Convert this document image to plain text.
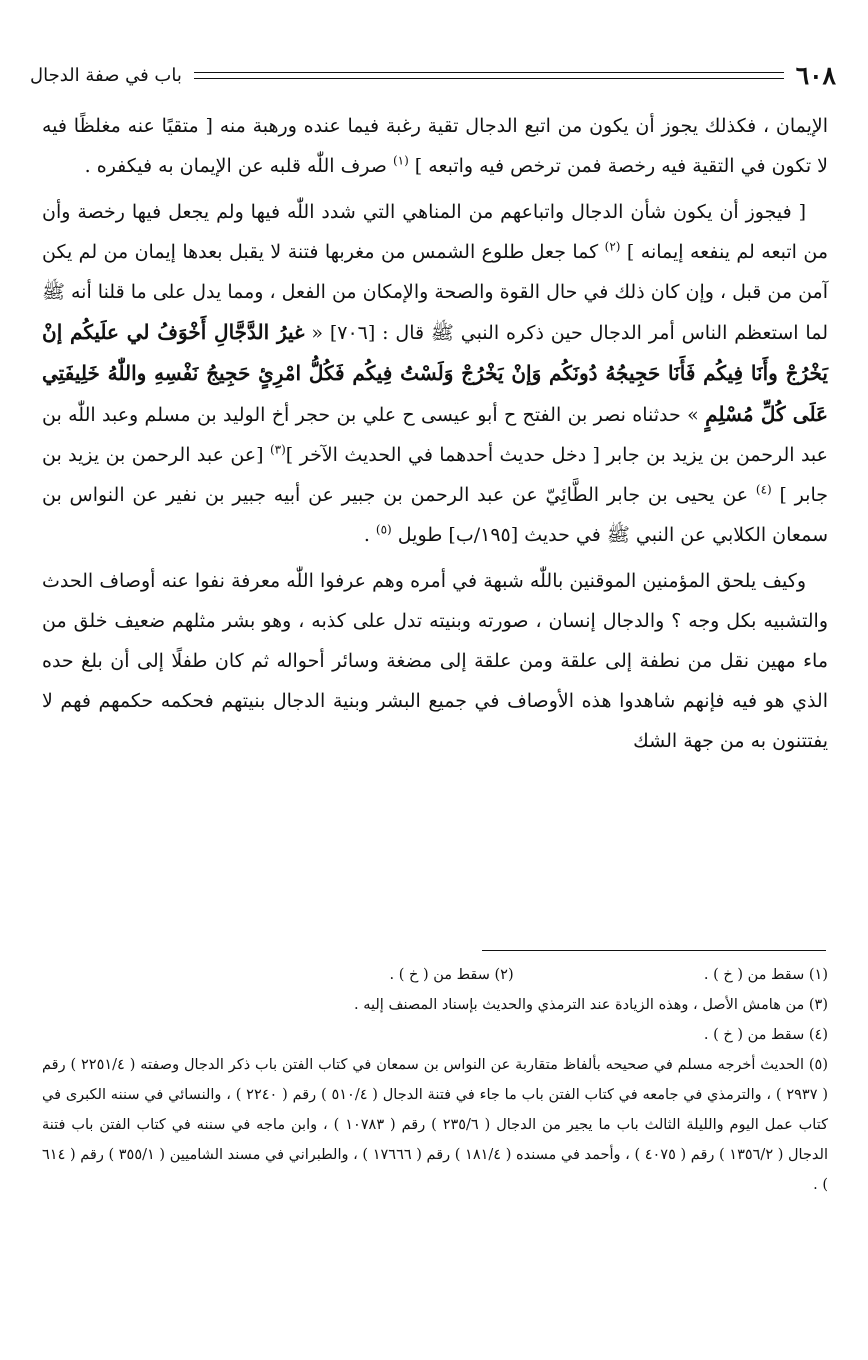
٦٠٨
باب في صفة الدجال

الإيمان ، فكذلك يجوز أن يكون من اتبع الدجال تقية رغبة فيما عنده ورهبة منه [ متقيًا عنه مغلظًا فيه لا تكون في التقية فيه رخصة فمن ترخص فيه واتبعه ] $^{(١)}$ صرف اللّٰه قلبه عن الإيمان به فيكفره .

[ فيجوز أن يكون شأن الدجال واتباعهم من المناهي التي شدد اللّٰه فيها ولم يجعل فيها رخصة وأن من اتبعه لم ينفعه إيمانه ] $^{(٢)}$ كما جعل طلوع الشمس من مغربها فتنة لا يقبل بعدها إيمان من لم يكن آمن من قبل ، وإن كان ذلك في حال القوة والصحة والإمكان من الفعل ، ومما يدل على ما قلنا أنه ﷺ لما استعظم الناس أمر الدجال حين ذكره النبي ﷺ قال : [٧٠٦] « غيرُ الدَّجَّالِ أَخْوَفُ لي علَيكُم إنْ يَخْرُجْ وأَنَا فِيكُم فَأَنَا حَجِيجُهُ دُونَكُم وَإنْ يَخْرُجْ وَلَسْتُ فِيكُم فَكُلُّ امْرِئٍ حَجِيجُ نَفْسِهِ واللّٰهُ خَلِيفَتِي عَلَى كُلِّ مُسْلِمٍ » حدثناه نصر بن الفتح ح أبو عيسى ح علي بن حجر أخ الوليد بن مسلم وعبد اللّٰه بن عبد الرحمن بن يزيد بن جابر [ دخل حديث أحدهما في الحديث الآخر ]$^{(٣)}$ [عن عبد الرحمن بن يزيد بن جابر ] $^{(٤)}$ عن يحيى بن جابر الطَّائِيّ عن عبد الرحمن بن جبير عن أبيه جبير بن نفير عن النواس بن سمعان الكلابي عن النبي ﷺ في حديث [١٩٥/ب] طويل $^{(٥)}$ .

وكيف يلحق المؤمنين الموقنين باللّٰه شبهة في أمره وهم عرفوا اللّٰه معرفة نفوا عنه أوصاف الحدث والتشبيه بكل وجه ؟ والدجال إنسان ، صورته وبنيته تدل على كذبه ، وهو بشر مثلهم ضعيف خلق من ماء مهين نقل من نطفة إلى علقة ومن علقة إلى مضغة وسائر أحواله ثم كان طفلًا إلى أن بلغ حده الذي هو فيه فإنهم شاهدوا هذه الأوصاف في جميع البشر وبنية الدجال بنيتهم فحكمه حكمهم فهم لا يفتتنون به من جهة الشك

(١) سقط من ( خ ) .
(٢) سقط من ( خ ) .

(٣) من هامش الأصل ، وهذه الزيادة عند الترمذي والحديث بإسناد المصنف إليه .

(٤) سقط من ( خ ) .

(٥) الحديث أخرجه مسلم في صحيحه بألفاظ متقاربة عن النواس بن سمعان في كتاب الفتن باب ذكر الدجال وصفته ( ٢٢٥١/٤ ) رقم ( ٢٩٣٧ ) ، والترمذي في جامعه في كتاب الفتن باب ما جاء في فتنة الدجال ( ٥١٠/٤ ) رقم ( ٢٢٤٠ ) ، والنسائي في سننه الكبرى في كتاب عمل اليوم والليلة الثالث باب ما يجير من الدجال ( ٢٣٥/٦ ) رقم ( ١٠٧٨٣ ) ، وابن ماجه في سننه في كتاب الفتن باب فتنة الدجال ( ١٣٥٦/٢ ) رقم ( ٤٠٧٥ ) ، وأحمد في مسنده ( ١٨١/٤ ) رقم ( ١٧٦٦٦ ) ، والطبراني في مسند الشاميين ( ٣٥٥/١ ) رقم ( ٦١٤ ) .
